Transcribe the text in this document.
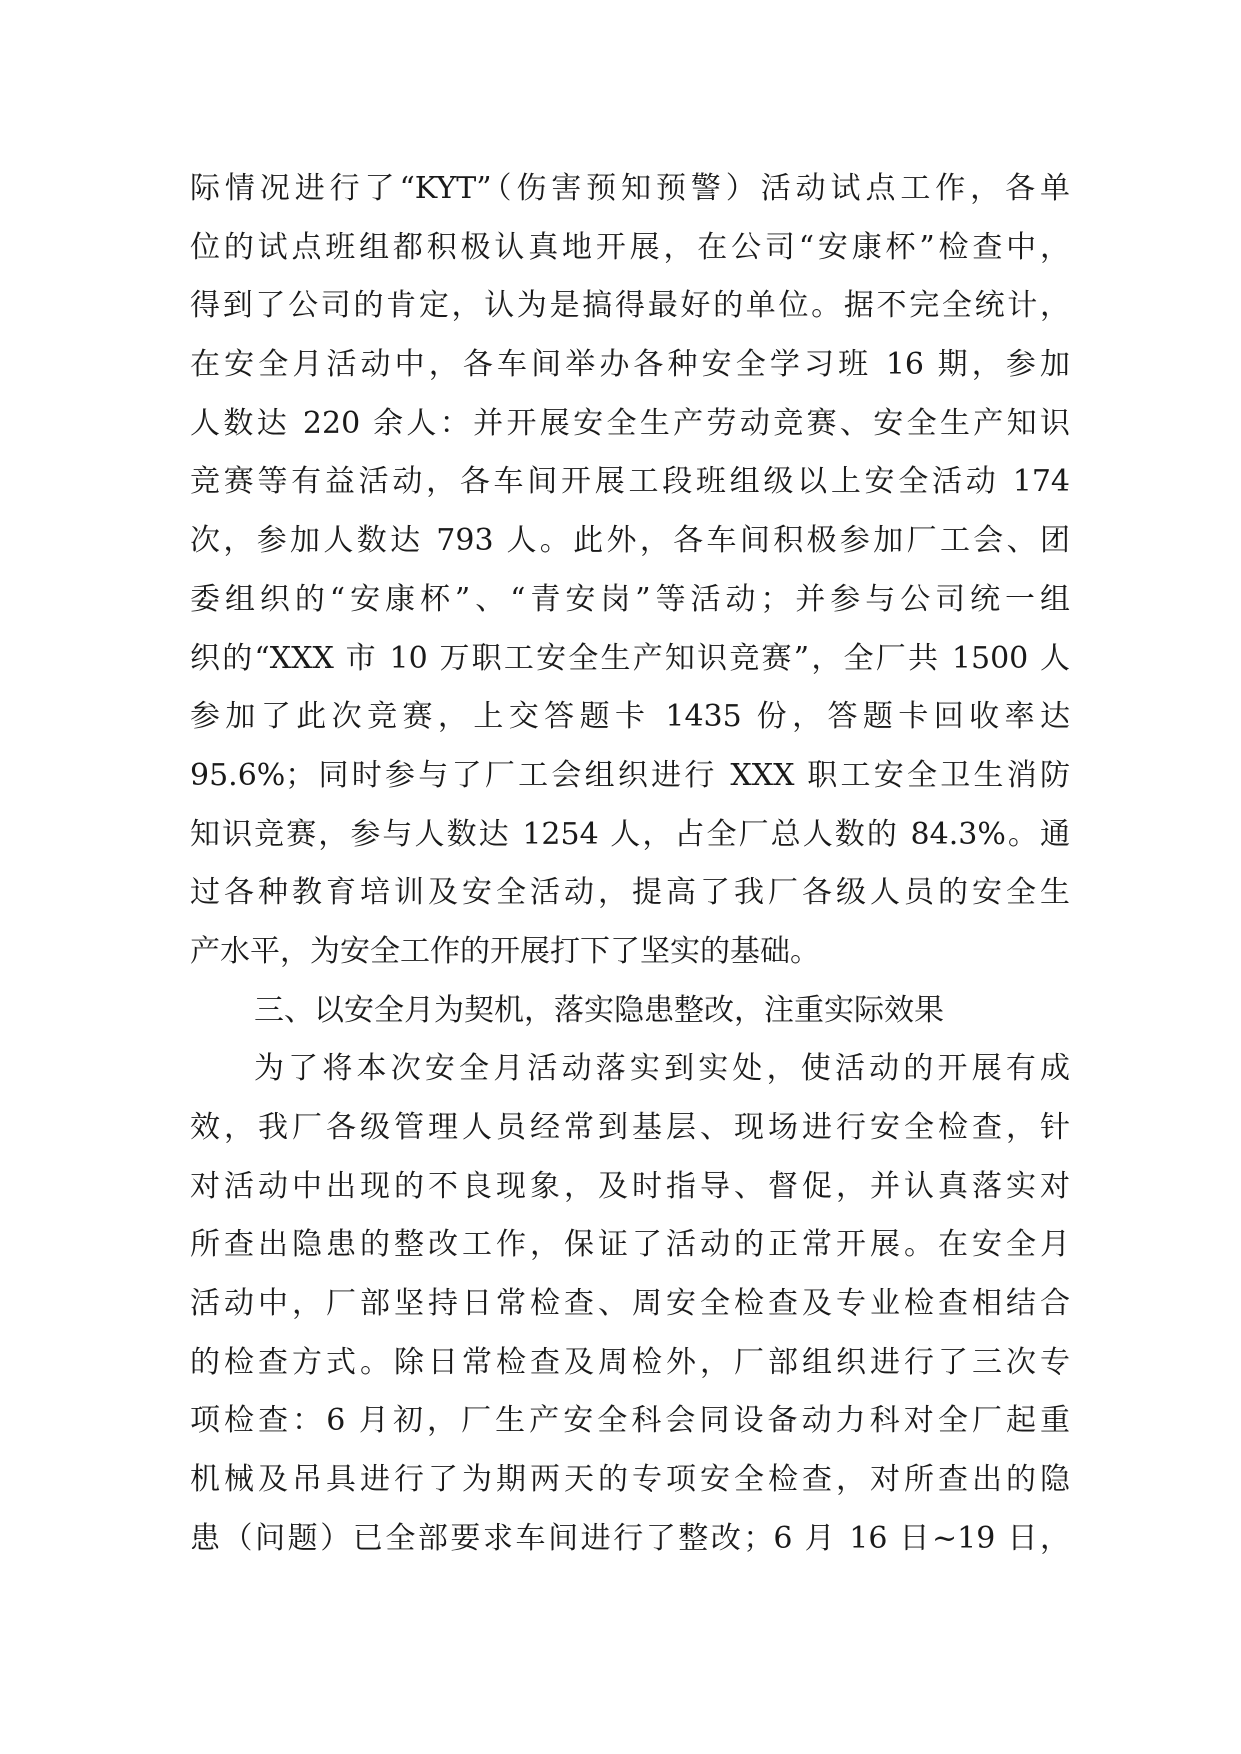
际情况进行了“KYT”（伤害预知预警）活动试点工作，各单
位的试点班组都积极认真地开展，在公司“安康杯”检查中，
得到了公司的肯定，认为是搞得最好的单位。据不完全统计，
在安全月活动中，各车间举办各种安全学习班 16 期，参加
人数达 220 余人：并开展安全生产劳动竞赛、安全生产知识
竞赛等有益活动，各车间开展工段班组级以上安全活动 174
次，参加人数达 793 人。此外，各车间积极参加厂工会、团
委组织的“安康杯”、“青安岗”等活动；并参与公司统一组
织的“XXX 市 10 万职工安全生产知识竞赛”，全厂共 1500 人
参加了此次竞赛，上交答题卡 1435 份，答题卡回收率达
95.6%；同时参与了厂工会组织进行 XXX 职工安全卫生消防
知识竞赛，参与人数达 1254 人，占全厂总人数的 84.3%。通
过各种教育培训及安全活动，提高了我厂各级人员的安全生
产水平，为安全工作的开展打下了坚实的基础。
三、以安全月为契机，落实隐患整改，注重实际效果
为了将本次安全月活动落实到实处，使活动的开展有成
效，我厂各级管理人员经常到基层、现场进行安全检查，针
对活动中出现的不良现象，及时指导、督促，并认真落实对
所查出隐患的整改工作，保证了活动的正常开展。在安全月
活动中，厂部坚持日常检查、周安全检查及专业检查相结合
的检查方式。除日常检查及周检外，厂部组织进行了三次专
项检查：6 月初，厂生产安全科会同设备动力科对全厂起重
机械及吊具进行了为期两天的专项安全检查，对所查出的隐
患（问题）已全部要求车间进行了整改；6 月 16 日~19 日，
